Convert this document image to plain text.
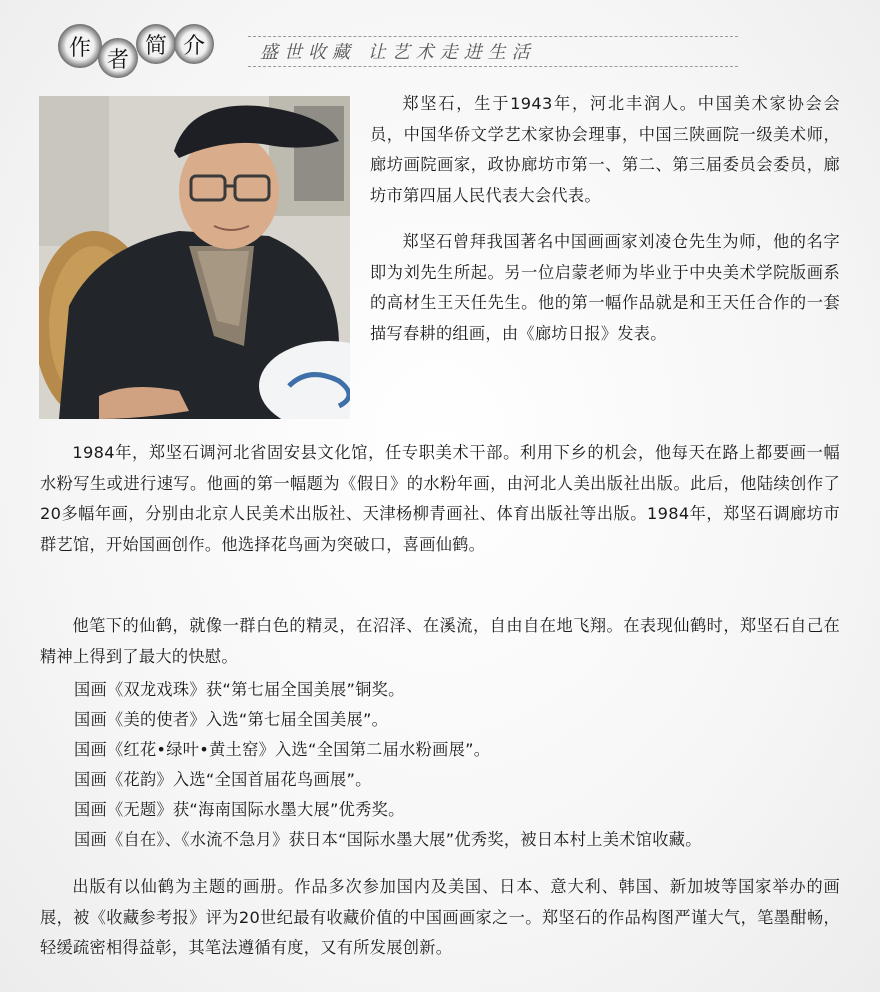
作 者
简 介	盛世收藏 让艺术走进生活

郑坚石，生于1943年，河北丰润人。中国美术家协会会员，中国华侨文学艺术家协会理事，中国三陕画院一级美术师，廊坊画院画家，政协廊坊市第一、第二、第三届委员会委员，廊坊市第四届人民代表大会代表。

郑坚石曾拜我国著名中国画画家刘凌仓先生为师，他的名字即为刘先生所起。另一位启蒙老师为毕业于中央美术学院版画系的高材生王天任先生。他的第一幅作品就是和王天任合作的一套描写春耕的组画，由《廊坊日报》发表。

1984年，郑坚石调河北省固安县文化馆，任专职美术干部。利用下乡的机会，他每天在路上都要画一幅水粉写生或进行速写。他画的第一幅题为《假日》的水粉年画，由河北人美出版社出版。此后，他陆续创作了20多幅年画，分别由北京人民美术出版社、天津杨柳青画社、体育出版社等出版。1984年，郑坚石调廊坊市群艺馆，开始国画创作。他选择花鸟画为突破口，喜画仙鹤。

他笔下的仙鹤，就像一群白色的精灵，在沼泽、在溪流，自由自在地飞翔。在表现仙鹤时，郑坚石自己在精神上得到了最大的快慰。

国画《双龙戏珠》获“第七届全国美展”铜奖。
国画《美的使者》入选“第七届全国美展”。
国画《红花•绿叶•黄土窑》入选“全国第二届水粉画展”。
国画《花韵》入选“全国首届花鸟画展”。
国画《无题》获“海南国际水墨大展”优秀奖。
国画《自在》、《水流不急月》获日本“国际水墨大展”优秀奖，被日本村上美术馆收藏。

出版有以仙鹤为主题的画册。作品多次参加国内及美国、日本、意大利、韩国、新加坡等国家举办的画展，被《收藏参考报》评为20世纪最有收藏价值的中国画画家之一。郑坚石的作品构图严谨大气，笔墨酣畅，轻缓疏密相得益彰，其笔法遵循有度，又有所发展创新。
